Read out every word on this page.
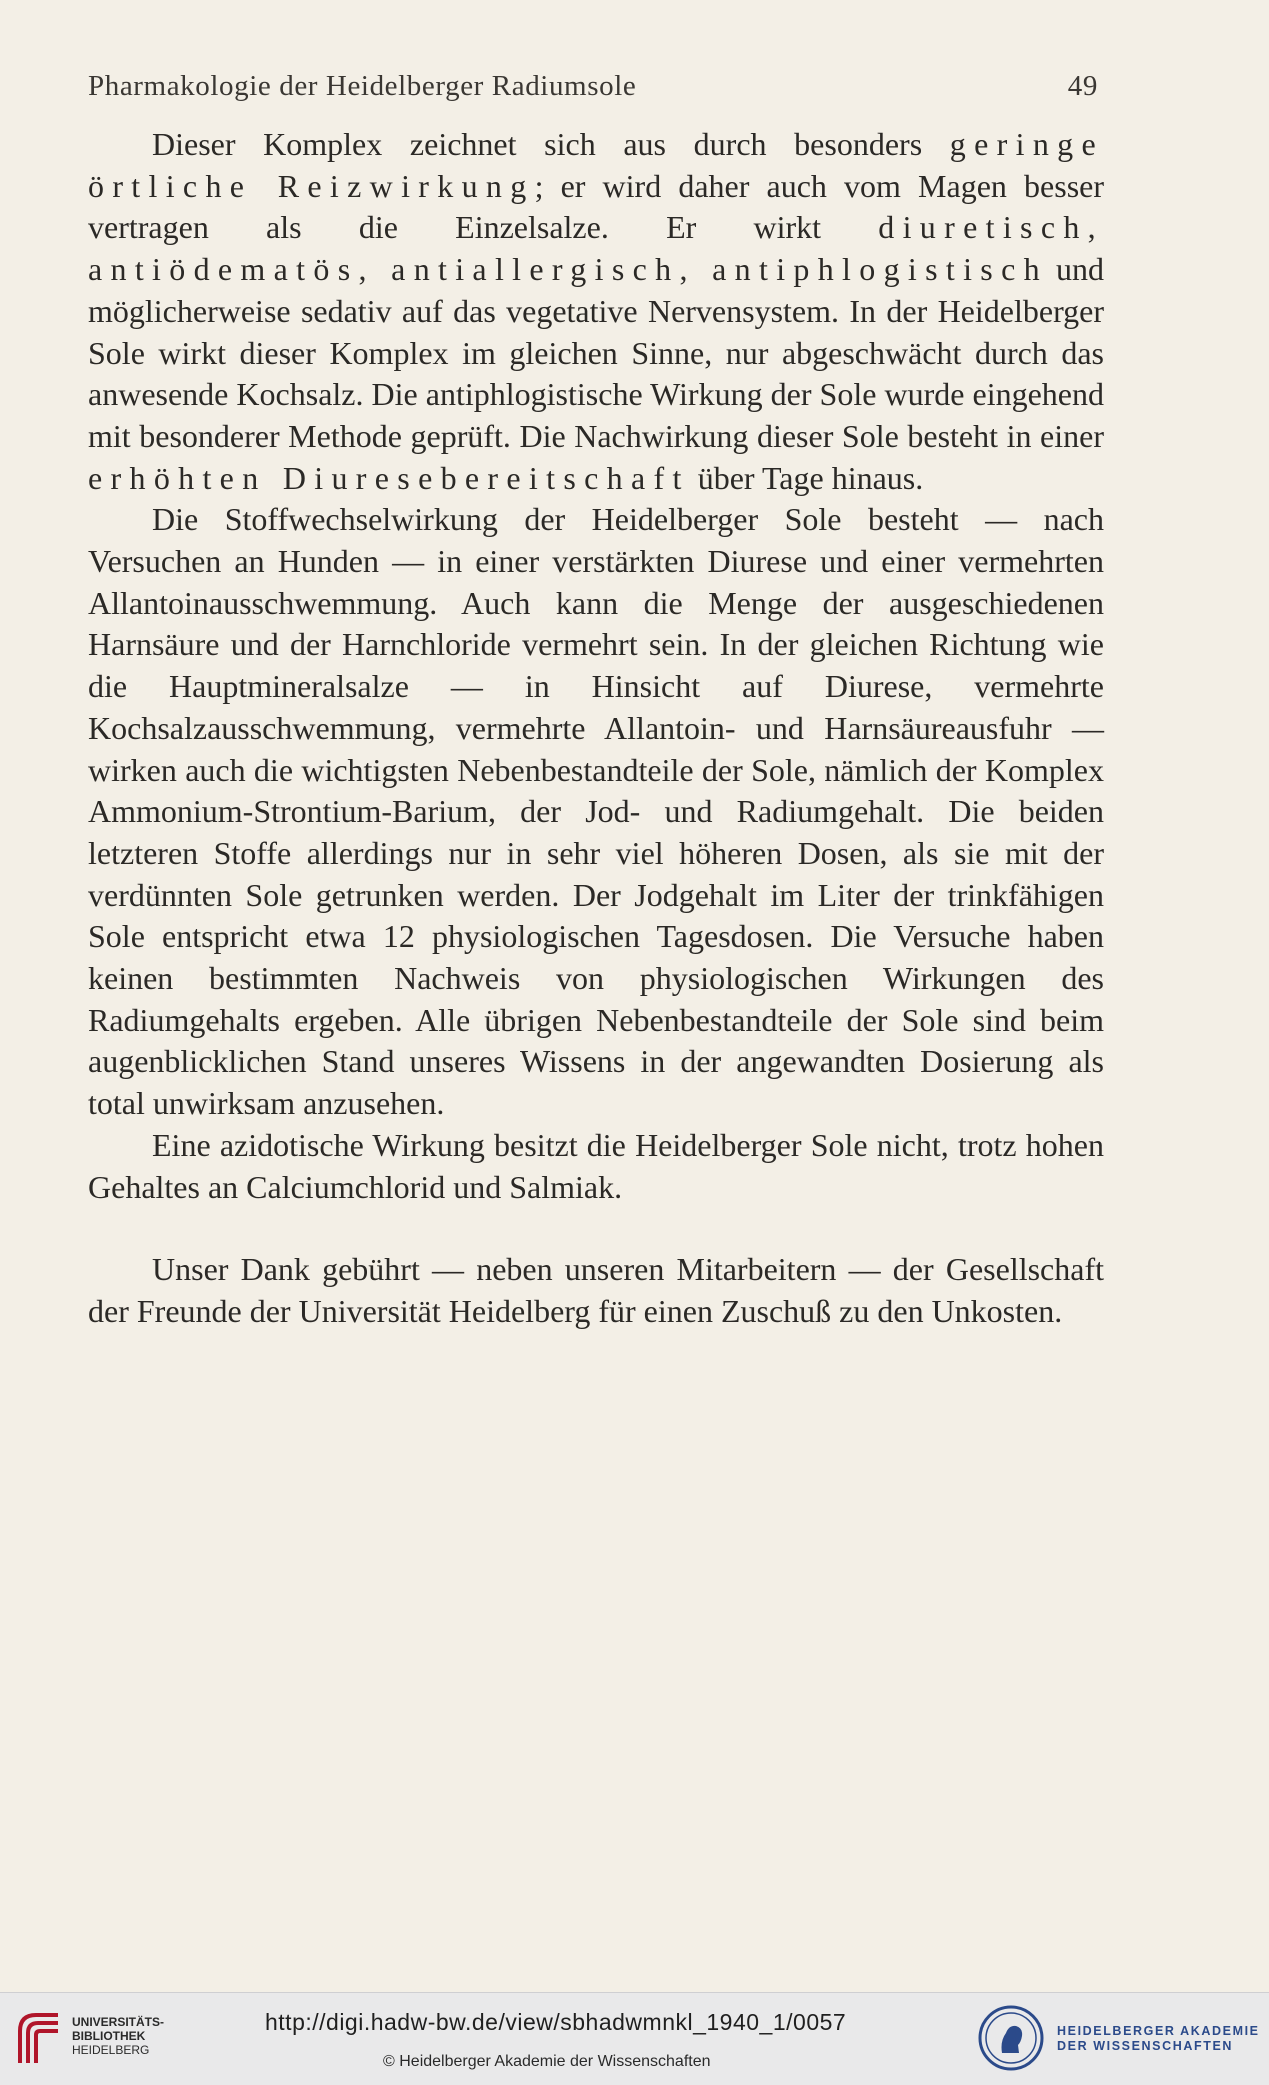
Pharmakologie der Heidelberger Radiumsole	49

Dieser Komplex zeichnet sich aus durch besonders geringe örtliche Reizwirkung; er wird daher auch vom Magen besser vertragen als die Einzelsalze. Er wirkt diuretisch, antiödematös, antiallergisch, antiphlogistisch und möglicherweise sedativ auf das vegetative Nervensystem. In der Heidelberger Sole wirkt dieser Komplex im gleichen Sinne, nur abgeschwächt durch das anwesende Kochsalz. Die antiphlogistische Wirkung der Sole wurde eingehend mit besonderer Methode geprüft. Die Nachwirkung dieser Sole besteht in einer erhöhten Diuresebereitschaft über Tage hinaus.

Die Stoffwechselwirkung der Heidelberger Sole besteht — nach Versuchen an Hunden — in einer verstärkten Diurese und einer vermehrten Allantoinausschwemmung. Auch kann die Menge der ausgeschiedenen Harnsäure und der Harnchloride vermehrt sein. In der gleichen Richtung wie die Hauptmineralsalze — in Hinsicht auf Diurese, vermehrte Kochsalzausschwemmung, vermehrte Allantoin- und Harnsäureausfuhr — wirken auch die wichtigsten Nebenbestandteile der Sole, nämlich der Komplex Ammonium-Strontium-Barium, der Jod- und Radiumgehalt. Die beiden letzteren Stoffe allerdings nur in sehr viel höheren Dosen, als sie mit der verdünnten Sole getrunken werden. Der Jodgehalt im Liter der trinkfähigen Sole entspricht etwa 12 physiologischen Tagesdosen. Die Versuche haben keinen bestimmten Nachweis von physiologischen Wirkungen des Radiumgehalts ergeben. Alle übrigen Nebenbestandteile der Sole sind beim augenblicklichen Stand unseres Wissens in der angewandten Dosierung als total unwirksam anzusehen.

Eine azidotische Wirkung besitzt die Heidelberger Sole nicht, trotz hohen Gehaltes an Calciumchlorid und Salmiak.

Unser Dank gebührt — neben unseren Mitarbeitern — der Gesellschaft der Freunde der Universität Heidelberg für einen Zuschuß zu den Unkosten.

UNIVERSITÄTS-
BIBLIOTHEK
HEIDELBERG
http://digi.hadw-bw.de/view/sbhadwmnkl_1940_1/0057
© Heidelberger Akademie der Wissenschaften
HEIDELBERGER AKADEMIE
DER WISSENSCHAFTEN
